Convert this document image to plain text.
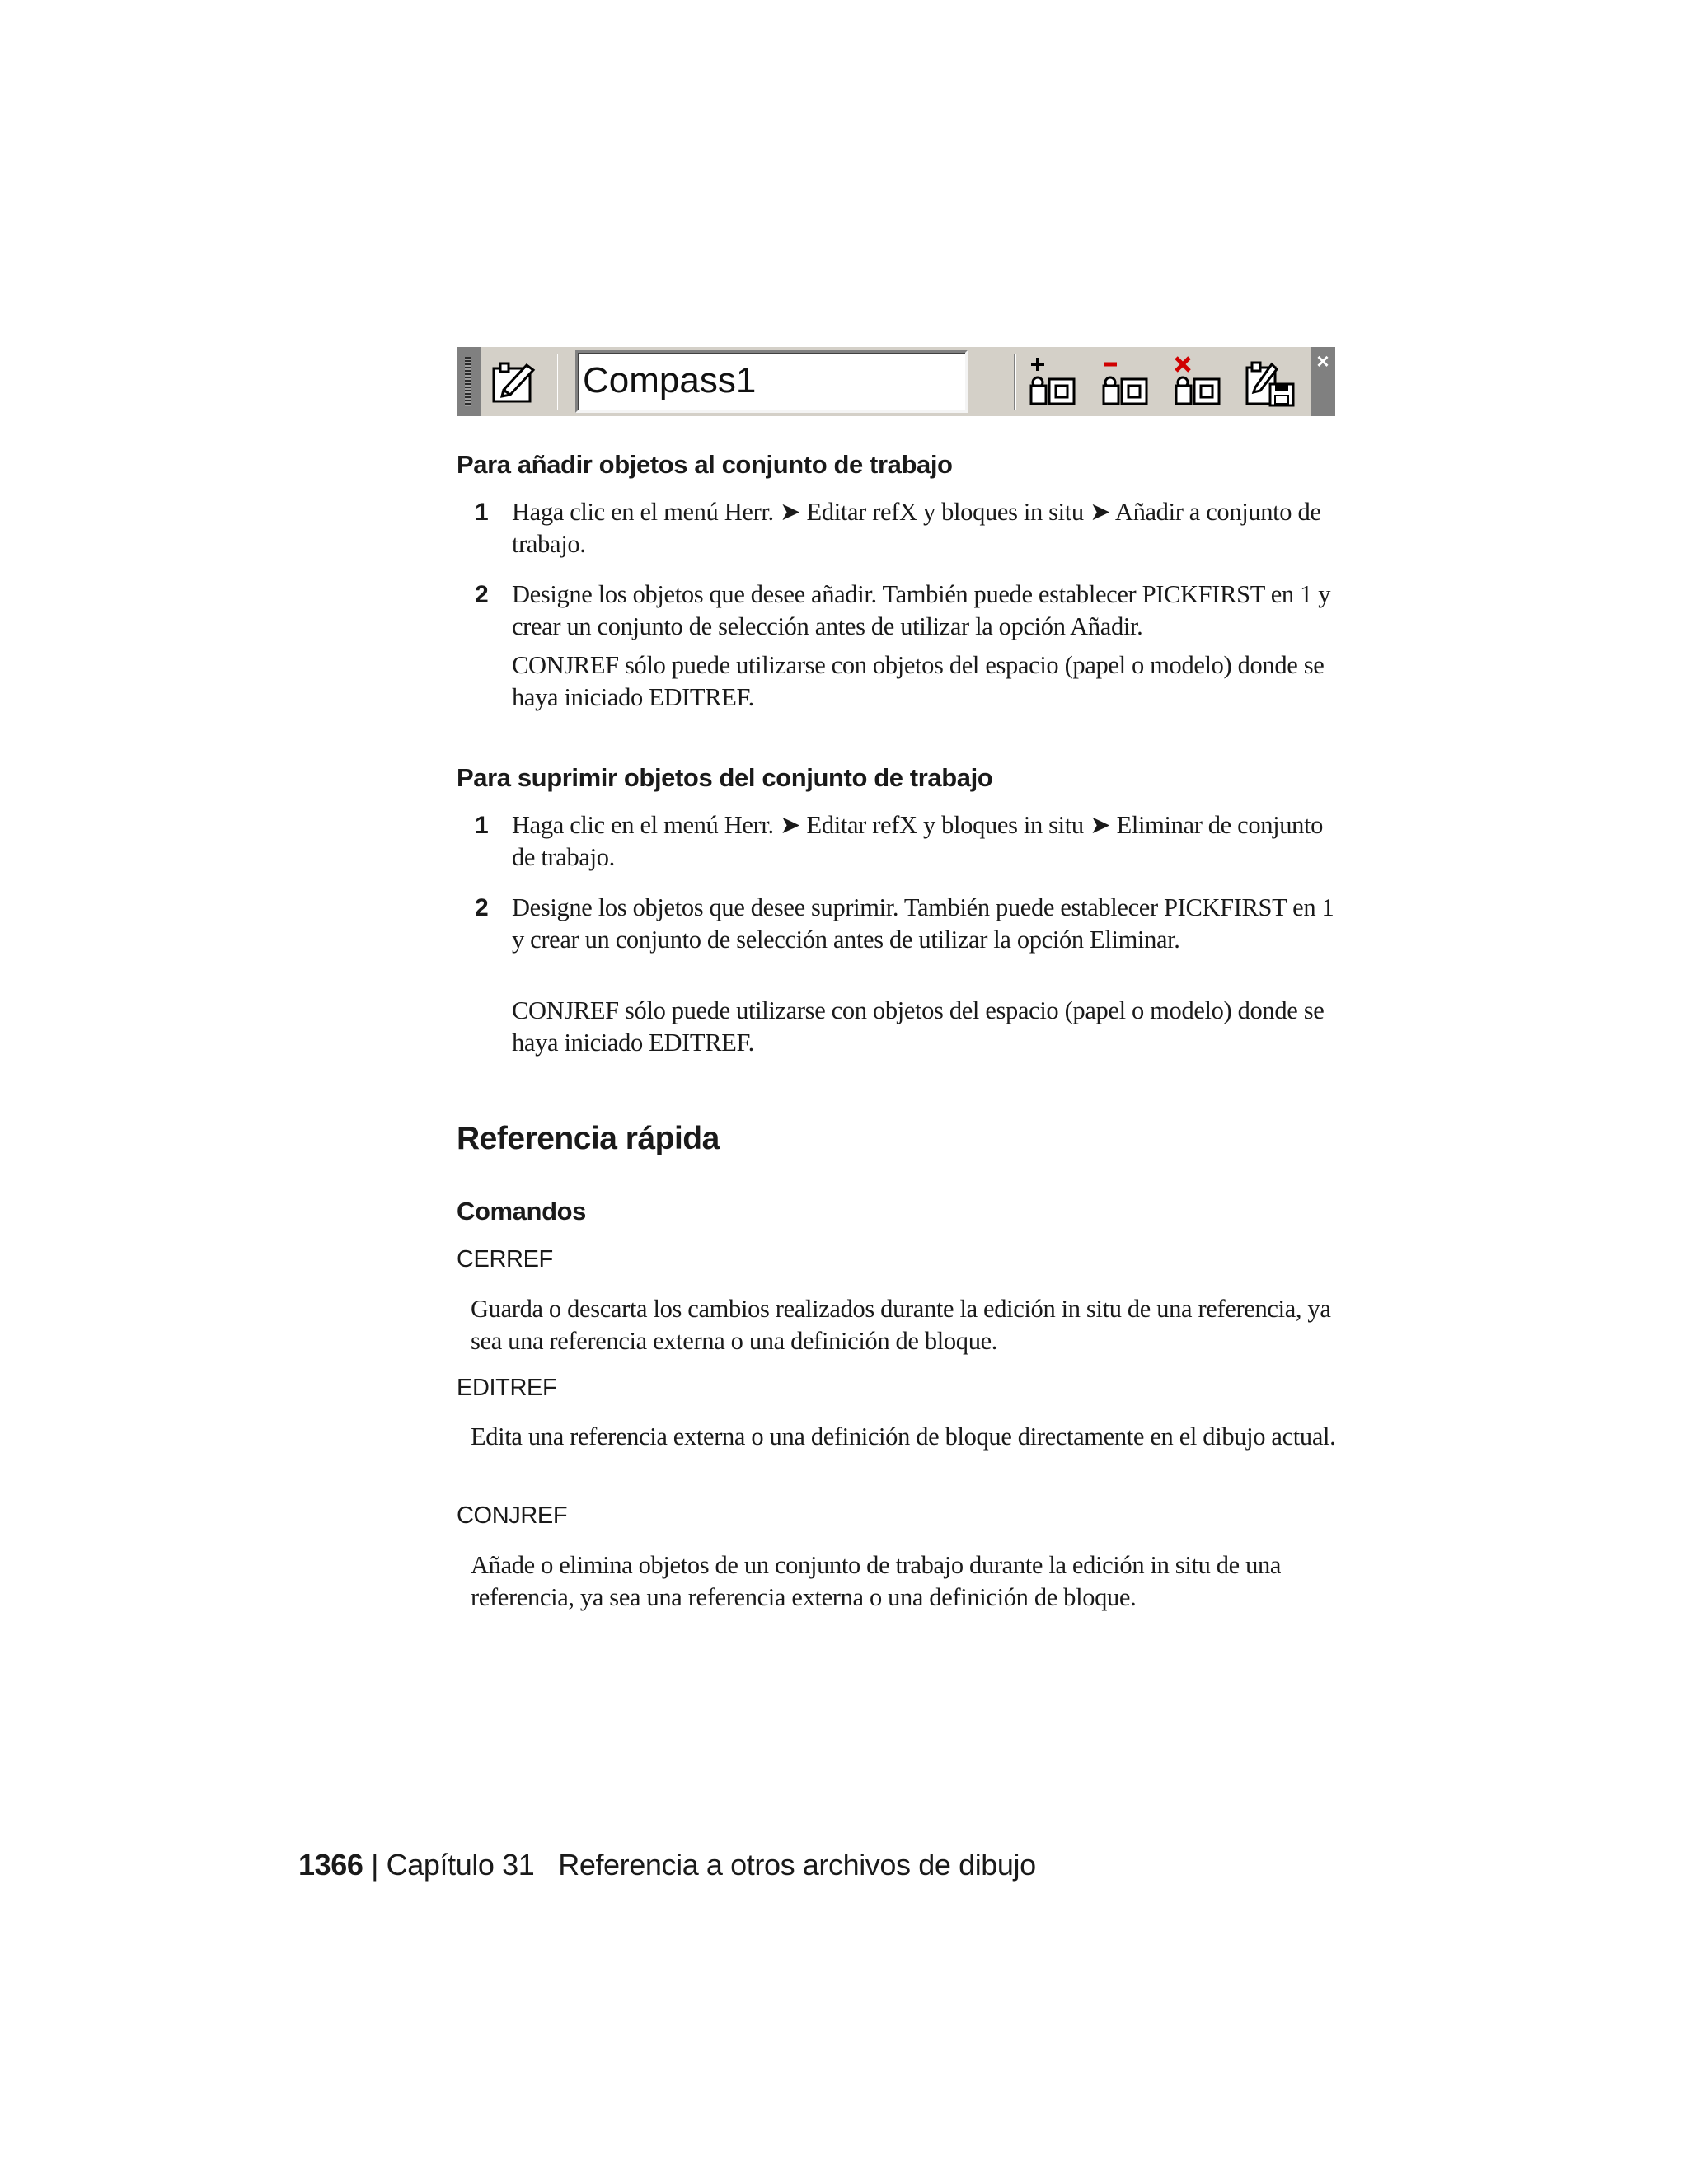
Compass1	×
Para añadir objetos al conjunto de trabajo
1 Haga clic en el menú Herr. ➤ Editar refX y bloques in situ ➤ Añadir a conjunto de trabajo.

2 Designe los objetos que desee añadir. También puede establecer PICKFIRST en 1 y crear un conjunto de selección antes de utilizar la opción Añadir.

CONJREF sólo puede utilizarse con objetos del espacio (papel o modelo) donde se haya iniciado EDITREF.

Para suprimir objetos del conjunto de trabajo
1 Haga clic en el menú Herr. ➤ Editar refX y bloques in situ ➤ Eliminar de conjunto de trabajo.

2 Designe los objetos que desee suprimir. También puede establecer PICKFIRST en 1 y crear un conjunto de selección antes de utilizar la opción Eliminar.

CONJREF sólo puede utilizarse con objetos del espacio (papel o modelo) donde se haya iniciado EDITREF.

Referencia rápida
Comandos

CERREF

Guarda o descarta los cambios realizados durante la edición in situ de una referencia, ya sea una referencia externa o una definición de bloque.

EDITREF

Edita una referencia externa o una definición de bloque directamente en el dibujo actual.

CONJREF

Añade o elimina objetos de un conjunto de trabajo durante la edición in situ de una referencia, ya sea una referencia externa o una definición de bloque.

1366 | Capítulo 31 Referencia a otros archivos de dibujo
